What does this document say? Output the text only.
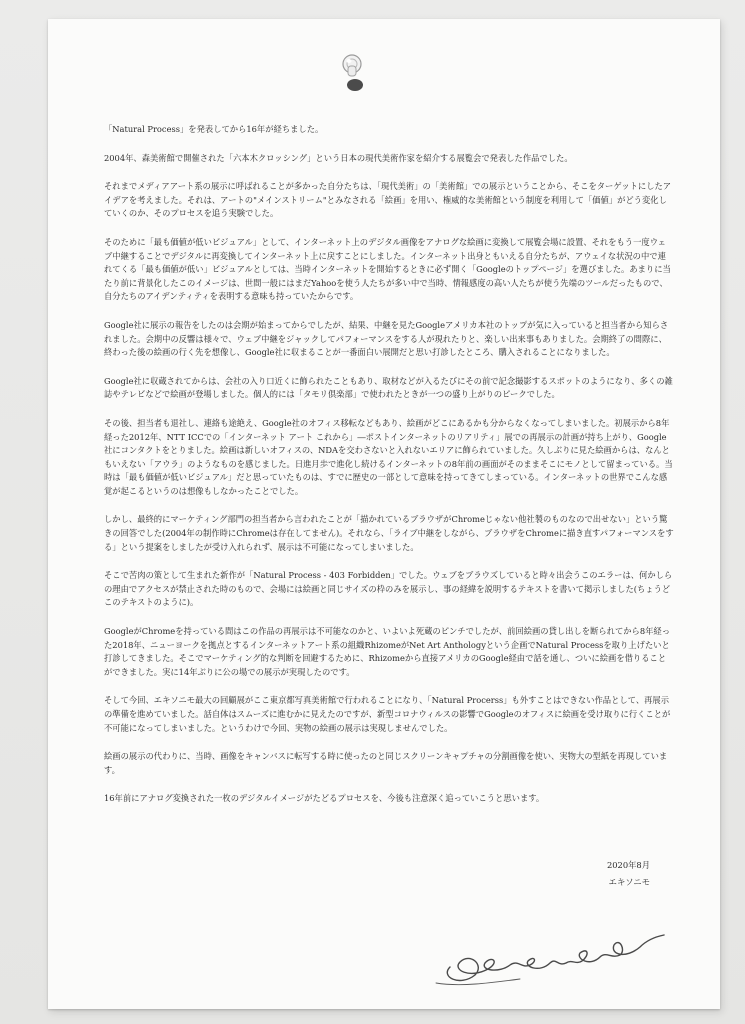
「Natural Process」を発表してから16年が経ちました。

2004年、森美術館で開催された「六本木クロッシング」という日本の現代美術作家を紹介する展覧会で発表した作品でした。

それまでメディアアート系の展示に呼ばれることが多かった自分たちは、「現代美術」の「美術館」での展示ということから、そこをターゲットにしたアイデアを考えました。それは、アートの"メインストリーム"とみなされる「絵画」を用い、権威的な美術館という制度を利用して「価値」がどう変化していくのか、そのプロセスを追う実験でした。

そのために「最も価値が低いビジュアル」として、インターネット上のデジタル画像をアナログな絵画に変換して展覧会場に設置、それをもう一度ウェブ中継することでデジタルに再変換してインターネット上に戻すことにしました。インターネット出身ともいえる自分たちが、アウェイな状況の中で連れてくる「最も価値が低い」ビジュアルとしては、当時インターネットを開始するときに必ず開く「Googleのトップページ」を選びました。あまりに当たり前に背景化したこのイメージは、世間一般にはまだYahooを使う人たちが多い中で当時、情報感度の高い人たちが使う先端のツールだったもので、自分たちのアイデンティティを表明する意味も持っていたからです。

Google社に展示の報告をしたのは会期が始まってからでしたが、結果、中継を見たGoogleアメリカ本社のトップが気に入っていると担当者から知らされました。会期中の反響は様々で、ウェブ中継をジャックしてパフォーマンスをする人が現れたりと、楽しい出来事もありました。会期終了の間際に、終わった後の絵画の行く先を想像し、Google社に収まることが一番面白い展開だと思い打診したところ、購入されることになりました。

Google社に収蔵されてからは、会社の入り口近くに飾られたこともあり、取材などが入るたびにその前で記念撮影するスポットのようになり、多くの雑誌やテレビなどで絵画が登場しました。個人的には「タモリ倶楽部」で使われたときが一つの盛り上がりのピークでした。

その後、担当者も退社し、連絡も途絶え、Google社のオフィス移転などもあり、絵画がどこにあるかも分からなくなってしまいました。初展示から8年経った2012年、NTT ICCでの「インターネット アート これから」―ポストインターネットのリアリティ」展での再展示の計画が持ち上がり、Google社にコンタクトをとりました。絵画は新しいオフィスの、NDAを交わさないと入れないエリアに飾られていました。久しぶりに見た絵画からは、なんともいえない「アウラ」のようなものを感じました。日進月歩で進化し続けるインターネットの8年前の画面がそのままそこにモノとして留まっている。当時は「最も価値が低いビジュアル」だと思っていたものは、すでに歴史の一部として意味を持ってきてしまっている。インターネットの世界でこんな感覚が起こるというのは想像もしなかったことでした。

しかし、最終的にマーケティング部門の担当者から言われたことが「描かれているブラウザがChromeじゃない他社製のものなので出せない」という驚きの回答でした(2004年の制作時にChromeは存在してません)。それなら、「ライブ中継をしながら、ブラウザをChromeに描き直すパフォーマンスをする」という提案をしましたが受け入れられず、展示は不可能になってしまいました。

そこで苦肉の策として生まれた新作が「Natural Process - 403 Forbidden」でした。ウェブをブラウズしていると時々出会うこのエラーは、何かしらの理由でアクセスが禁止された時のもので、会場には絵画と同じサイズの枠のみを展示し、事の経緯を説明するテキストを書いて掲示しました(ちょうどこのテキストのように)。

GoogleがChromeを持っている間はこの作品の再展示は不可能なのかと、いよいよ死蔵のピンチでしたが、前回絵画の貸し出しを断られてから8年経った2018年、ニューヨークを拠点とするインターネットアート系の組織RhizomeがNet Art Anthologyという企画でNatural Processを取り上げたいと打診してきました。そこでマーケティング的な判断を回避するために、Rhizomeから直接アメリカのGoogle経由で話を通し、ついに絵画を借りることができました。実に14年ぶりに公の場での展示が実現したのです。

そして今回、エキソニモ最大の回顧展がここ東京都写真美術館で行われることになり、「Natural Procerss」も外すことはできない作品として、再展示の準備を進めていました。話自体はスムーズに進むかに見えたのですが、新型コロナウィルスの影響でGoogleのオフィスに絵画を受け取りに行くことが不可能になってしまいました。というわけで今回、実物の絵画の展示は実現しませんでした。

絵画の展示の代わりに、当時、画像をキャンバスに転写する時に使ったのと同じスクリーンキャプチャの分割画像を使い、実物大の型紙を再現しています。

16年前にアナログ変換された一枚のデジタルイメージがたどるプロセスを、今後も注意深く追っていこうと思います。

2020年8月
エキソニモ
